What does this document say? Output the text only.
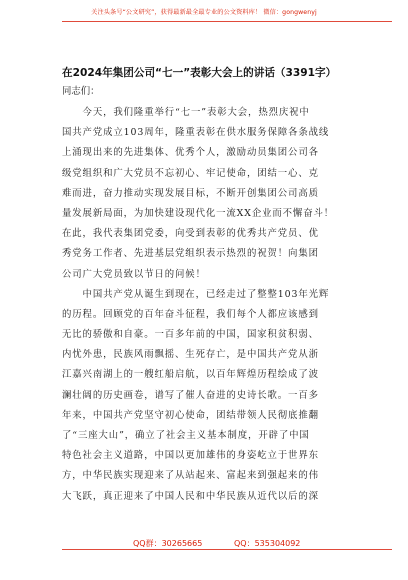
关注头条号“公文研究”，获得最新最全最专业的公文资料库！ 微信：gongwenyj
在2024年集团公司“七一”表彰大会上的讲话（3391字）
同志们：
　　今天，我们隆重举行“七一”表彰大会，热烈庆祝中
国共产党成立103周年，隆重表彰在供水服务保障各条战线
上涌现出来的先进集体、优秀个人，激励动员集团公司各
级党组织和广大党员不忘初心、牢记使命，团结一心、克
难而进，奋力推动实现发展目标，不断开创集团公司高质
量发展新局面，为加快建设现代化一流XX企业而不懈奋斗！
在此，我代表集团党委，向受到表彰的优秀共产党员、优
秀党务工作者、先进基层党组织表示热烈的祝贺！向集团
公司广大党员致以节日的问候！
　　中国共产党从诞生到现在，已经走过了整整103年光辉
的历程。回顾党的百年奋斗征程，我们每个人都应该感到
无比的骄傲和自豪。一百多年前的中国，国家积贫积弱、
内忧外患，民族风雨飘摇、生死存亡，是中国共产党从浙
江嘉兴南湖上的一艘红船启航，以百年辉煌历程绘成了波
澜壮阔的历史画卷，谱写了催人奋进的史诗长歌。一百多
年来，中国共产党坚守初心使命，团结带领人民彻底推翻
了“三座大山”，确立了社会主义基本制度，开辟了中国
特色社会主义道路，中国以更加雄伟的身姿屹立于世界东
方，中华民族实现迎来了从站起来、富起来到强起来的伟
大飞跃，真正迎来了中国人民和中华民族从近代以后的深
QQ群：30265665	QQ：535304092
